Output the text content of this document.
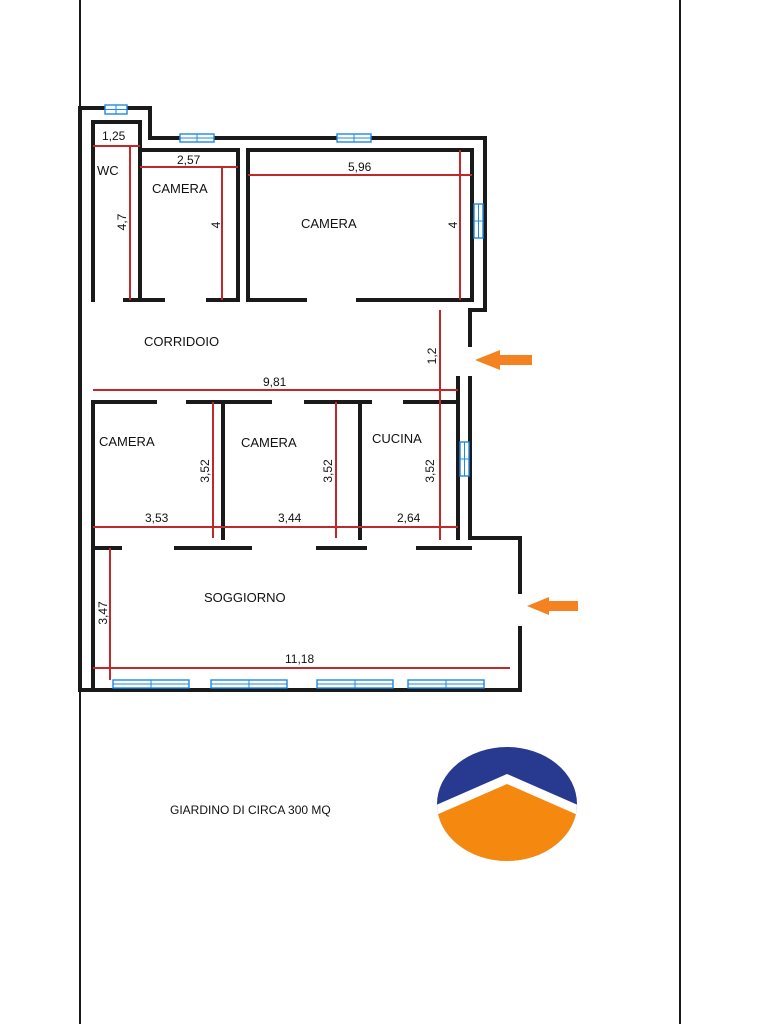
WC
CAMERA
CAMERA
CORRIDOIO
CAMERA	CAMERA	CUCINA
SOGGIORNO
1,25
4,7
2,57
4
5,96
4
9,81
1,2
3,53
3,52
3,44
3,52
2,64
3,52
3,47
11,18
GIARDINO DI CIRCA 300 MQ
